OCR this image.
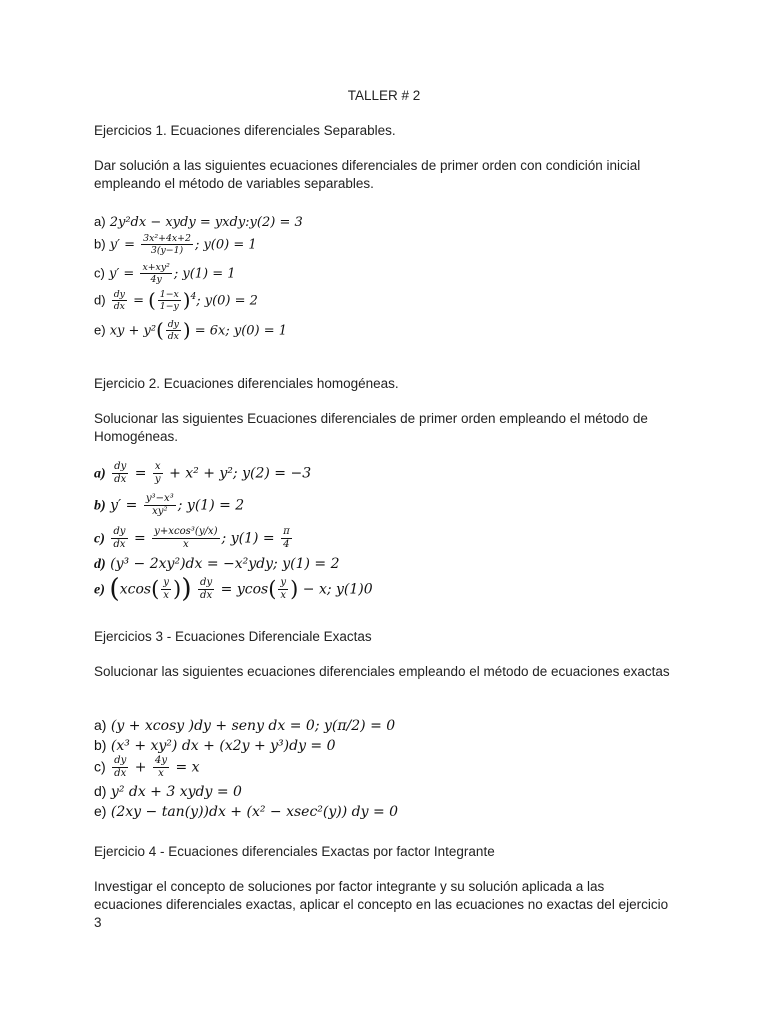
TALLER # 2
Ejercicios 1. Ecuaciones diferenciales Separables.
Dar solución a las siguientes ecuaciones diferenciales de primer orden con condición inicial empleando el método de variables separables.
a) 2y²dx − xydy = yxdy:y(2) = 3
b) $y' = \frac{\text{3x²+4x+2}}{3(y-1)}$ ; y(0) = 1
c) $y' = \frac{\text{x+xy²}}{4y}$ ; y(1) = 1
$d) \frac{dy}{dx}$ = ( $\frac{1-x}{1-y} )^4$; y(0) = 2
e) xy + $y^2( \frac{dy}{dx}$ ) = 6x; y(0) = 1
Ejercicio 2. Ecuaciones diferenciales homogéneas.
Solucionar las siguientes Ecuaciones diferenciales de primer orden empleando el método de Homogéneas.
$a) \frac{dy}{dx} = \frac{x}{y} + x^2 + y^2$; y(2) = −3
b) $y' = \frac{\text{y³−x³}}{\text{xy²}}$ ; y(1) = 2
$c) \frac{dy}{dx} = \frac{\text{y+xcos³(y/x)}}{x}$ ; $y(1) = \frac{\pi}{4}$
d) (y³ − 2xy²)dx = −x²ydy; y(1) = 2
e) ($xcos( \frac{y}{x}$ )) $\frac{dy}{dx} = ycos( \frac{y}{x}$ ) − x; y(1)0
Ejercicios 3 - Ecuaciones Diferenciale Exactas
Solucionar las siguientes ecuaciones diferenciales empleando el método de ecuaciones exactas
a) (y + xcosy )dy + seny dx = 0; y(π/2) = 0
b) (x³ + xy²) dx + (x2y + y³)dy = 0
$c) \frac{dy}{dx} + \frac{4y}{x} = x$
d) y² dx + 3 xydy = 0
e) (2xy − tan(y))dx + (x² − xsec²(y)) dy = 0
Ejercicio 4 - Ecuaciones diferenciales Exactas por factor Integrante
Investigar el concepto de soluciones por factor integrante y su solución aplicada a las ecuaciones diferenciales exactas, aplicar el concepto en las ecuaciones no exactas del ejercicio 3
